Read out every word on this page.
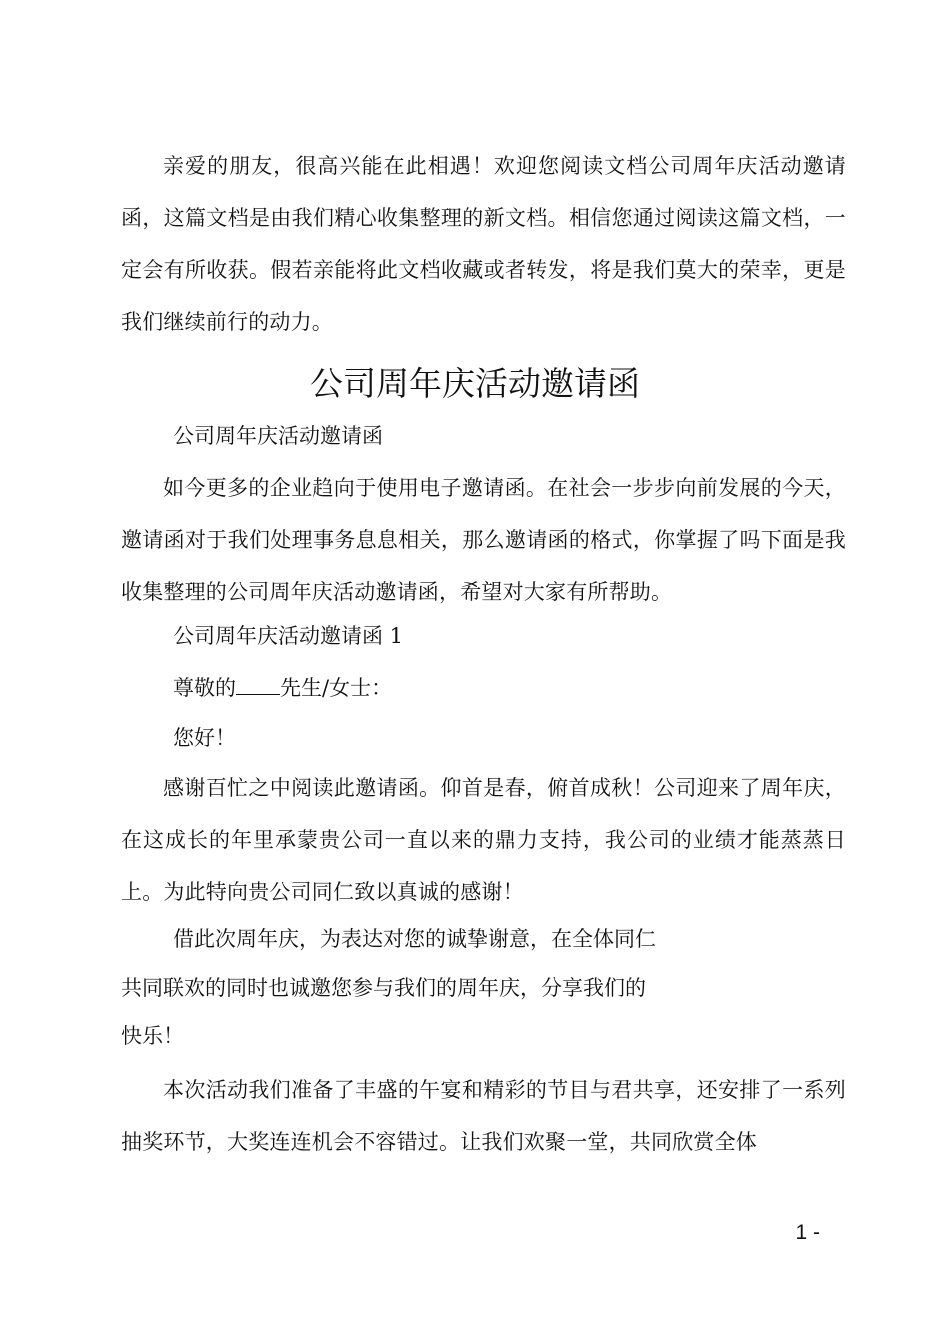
亲爱的朋友，很高兴能在此相遇！欢迎您阅读文档公司周年庆活动邀请函，这篇文档是由我们精心收集整理的新文档。相信您通过阅读这篇文档，一定会有所收获。假若亲能将此文档收藏或者转发，将是我们莫大的荣幸，更是我们继续前行的动力。

公司周年庆活动邀请函

公司周年庆活动邀请函

如今更多的企业趋向于使用电子邀请函。在社会一步步向前发展的今天，邀请函对于我们处理事务息息相关，那么邀请函的格式，你掌握了吗下面是我收集整理的公司周年庆活动邀请函，希望对大家有所帮助。

公司周年庆活动邀请函 1

尊敬的 先生/女士：

您好！

感谢百忙之中阅读此邀请函。仰首是春，俯首成秋！公司迎来了周年庆，在这成长的年里承蒙贵公司一直以来的鼎力支持，我公司的业绩才能蒸蒸日上。为此特向贵公司同仁致以真诚的感谢！

借此次周年庆，为表达对您的诚挚谢意，在全体同仁

共同联欢的同时也诚邀您参与我们的周年庆，分享我们的

快乐！

本次活动我们准备了丰盛的午宴和精彩的节目与君共享，还安排了一系列抽奖环节，大奖连连机会不容错过。让我们欢聚一堂，共同欣赏全体

1 -
